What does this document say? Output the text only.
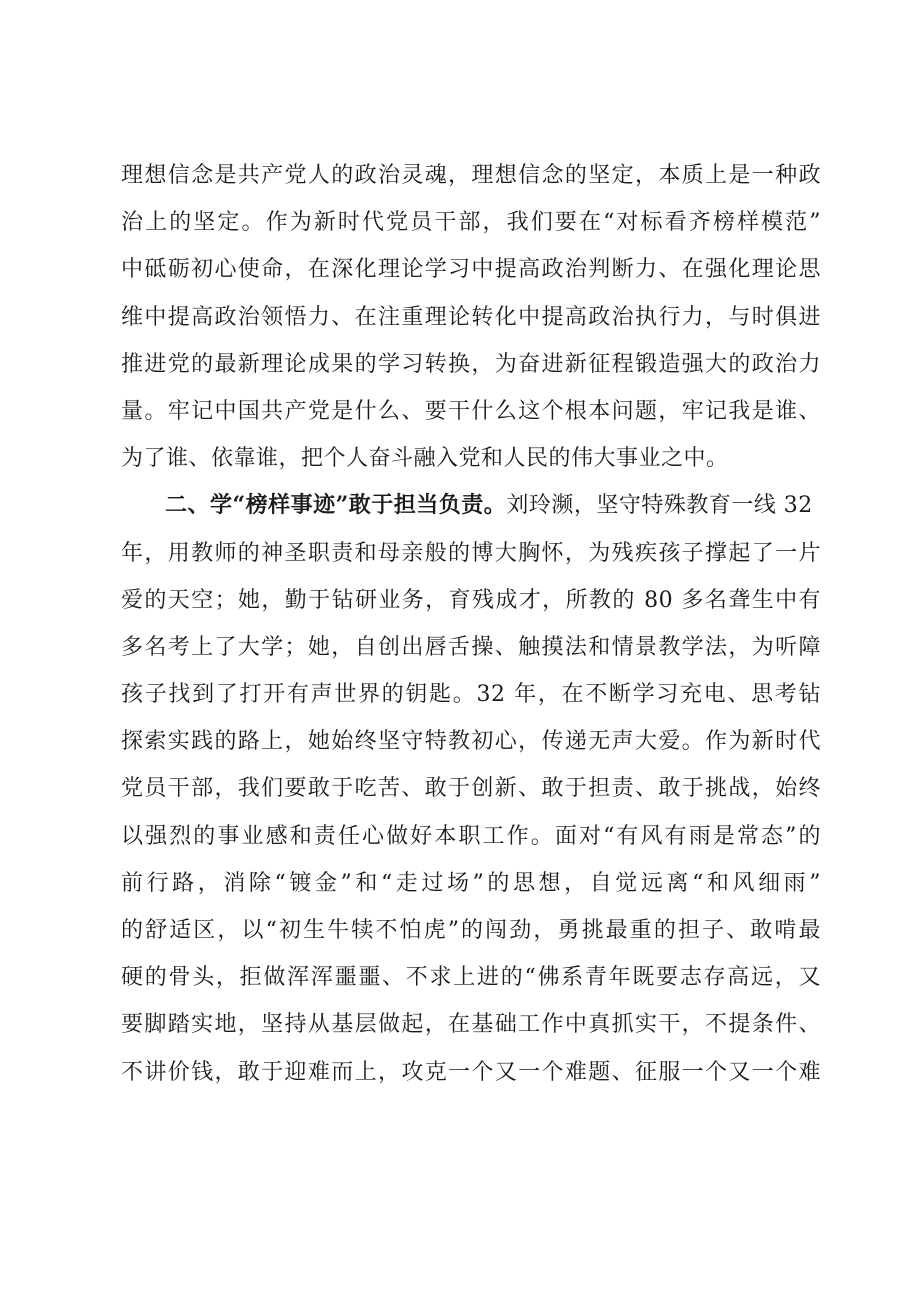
理想信念是共产党人的政治灵魂，理想信念的坚定，本质上是一种政
治上的坚定。作为新时代党员干部，我们要在“对标看齐榜样模范”
中砥砺初心使命，在深化理论学习中提高政治判断力、在强化理论思
维中提高政治领悟力、在注重理论转化中提高政治执行力，与时俱进
推进党的最新理论成果的学习转换，为奋进新征程锻造强大的政治力
量。牢记中国共产党是什么、要干什么这个根本问题，牢记我是谁、
为了谁、依靠谁，把个人奋斗融入党和人民的伟大事业之中。
二、学“榜样事迹”敢于担当负责。刘玲濒，坚守特殊教育一线 32
年，用教师的神圣职责和母亲般的博大胸怀，为残疾孩子撑起了一片
爱的天空；她，勤于钻研业务，育残成才，所教的 80 多名聋生中有
多名考上了大学；她，自创出唇舌操、触摸法和情景教学法，为听障
孩子找到了打开有声世界的钥匙。32 年，在不断学习充电、思考钻
探索实践的路上，她始终坚守特教初心，传递无声大爱。作为新时代
党员干部，我们要敢于吃苦、敢于创新、敢于担责、敢于挑战，始终
以强烈的事业感和责任心做好本职工作。面对“有风有雨是常态”的
前行路，消除“镀金”和“走过场”的思想，自觉远离“和风细雨”
的舒适区，以“初生牛犊不怕虎”的闯劲，勇挑最重的担子、敢啃最
硬的骨头，拒做浑浑噩噩、不求上进的“佛系青年既要志存高远，又
要脚踏实地，坚持从基层做起，在基础工作中真抓实干，不提条件、
不讲价钱，敢于迎难而上，攻克一个又一个难题、征服一个又一个难
